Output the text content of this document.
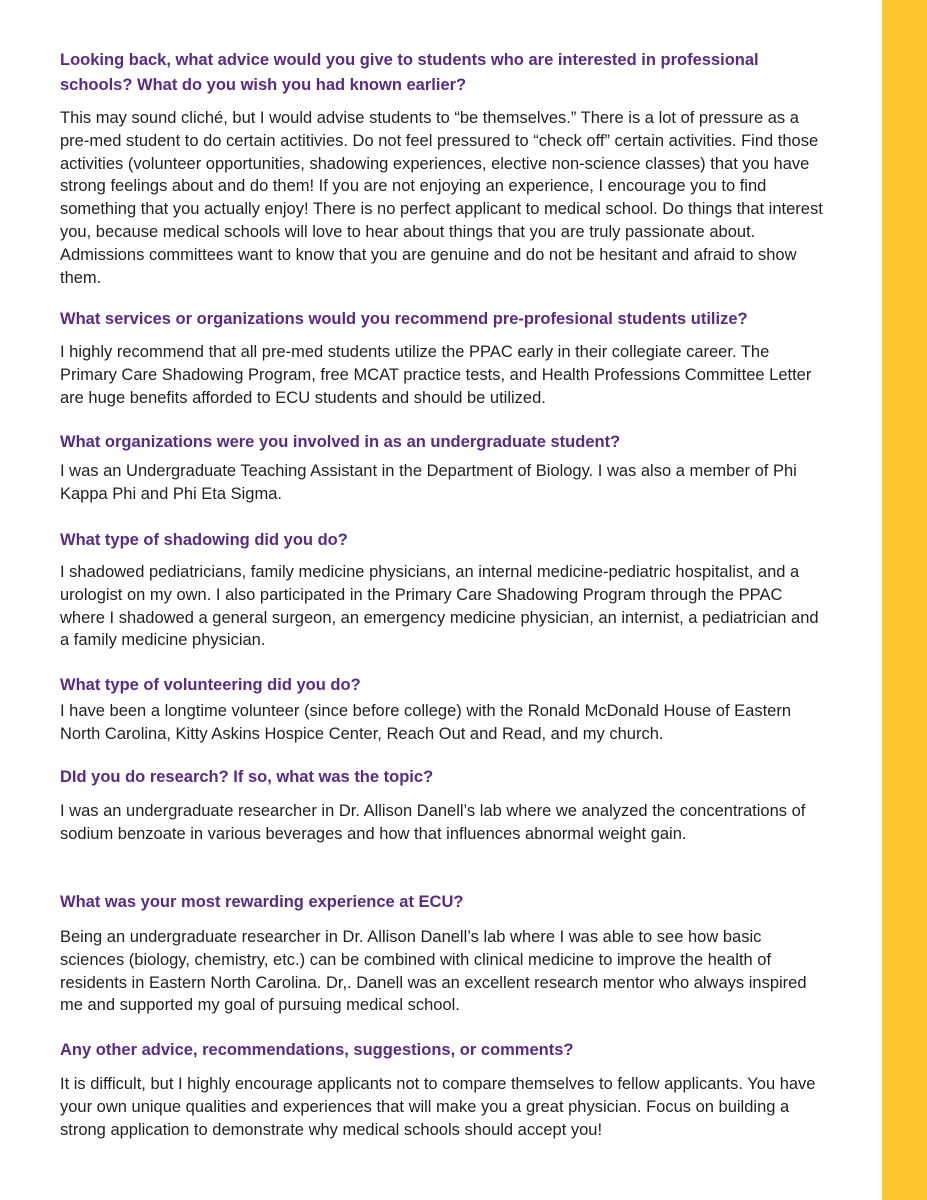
Looking back, what advice would you give to students who are interested in professional schools? What do you wish you had known earlier?

This may sound cliché, but I would advise students to “be themselves.” There is a lot of pressure as a pre-med student to do certain actitivies. Do not feel pressured to “check off” certain activities. Find those activities (volunteer opportunities, shadowing experiences, elective non-science classes) that you have strong feelings about and do them! If you are not enjoying an experience, I encourage you to find something that you actually enjoy! There is no perfect applicant to medical school. Do things that interest you, because medical schools will love to hear about things that you are truly passionate about. Admissions committees want to know that you are genuine and do not be hesitant and afraid to show them.

What services or organizations would you recommend pre-profesional students utilize?

I highly recommend that all pre-med students utilize the PPAC early in their collegiate career. The Primary Care Shadowing Program, free MCAT practice tests, and Health Professions Committee Letter are huge benefits afforded to ECU students and should be utilized.

What organizations were you involved in as an undergraduate student?

I was an Undergraduate Teaching Assistant in the Department of Biology. I was also a member of Phi Kappa Phi and Phi Eta Sigma.

What type of shadowing did you do?

I shadowed pediatricians, family medicine physicians, an internal medicine-pediatric hospitalist, and a urologist on my own. I also participated in the Primary Care Shadowing Program through the PPAC where I shadowed a general surgeon, an emergency medicine physician, an internist, a pediatrician and a family medicine physician.

What type of volunteering did you do?

I have been a longtime volunteer (since before college) with the Ronald McDonald House of Eastern North Carolina, Kitty Askins Hospice Center, Reach Out and Read, and my church.

DId you do research? If so, what was the topic?

I was an undergraduate researcher in Dr. Allison Danell’s lab where we analyzed the concentrations of sodium benzoate in various beverages and how that influences abnormal weight gain.

What was your most rewarding experience at ECU?

Being an undergraduate researcher in Dr. Allison Danell’s lab where I was able to see how basic sciences (biology, chemistry, etc.) can be combined with clinical medicine to improve the health of residents in Eastern North Carolina. Dr,. Danell was an excellent research mentor who always inspired me and supported my goal of pursuing medical school.

Any other advice, recommendations, suggestions, or comments?

It is difficult, but I highly encourage applicants not to compare themselves to fellow applicants. You have your own unique qualities and experiences that will make you a great physician. Focus on building a strong application to demonstrate why medical schools should accept you!
